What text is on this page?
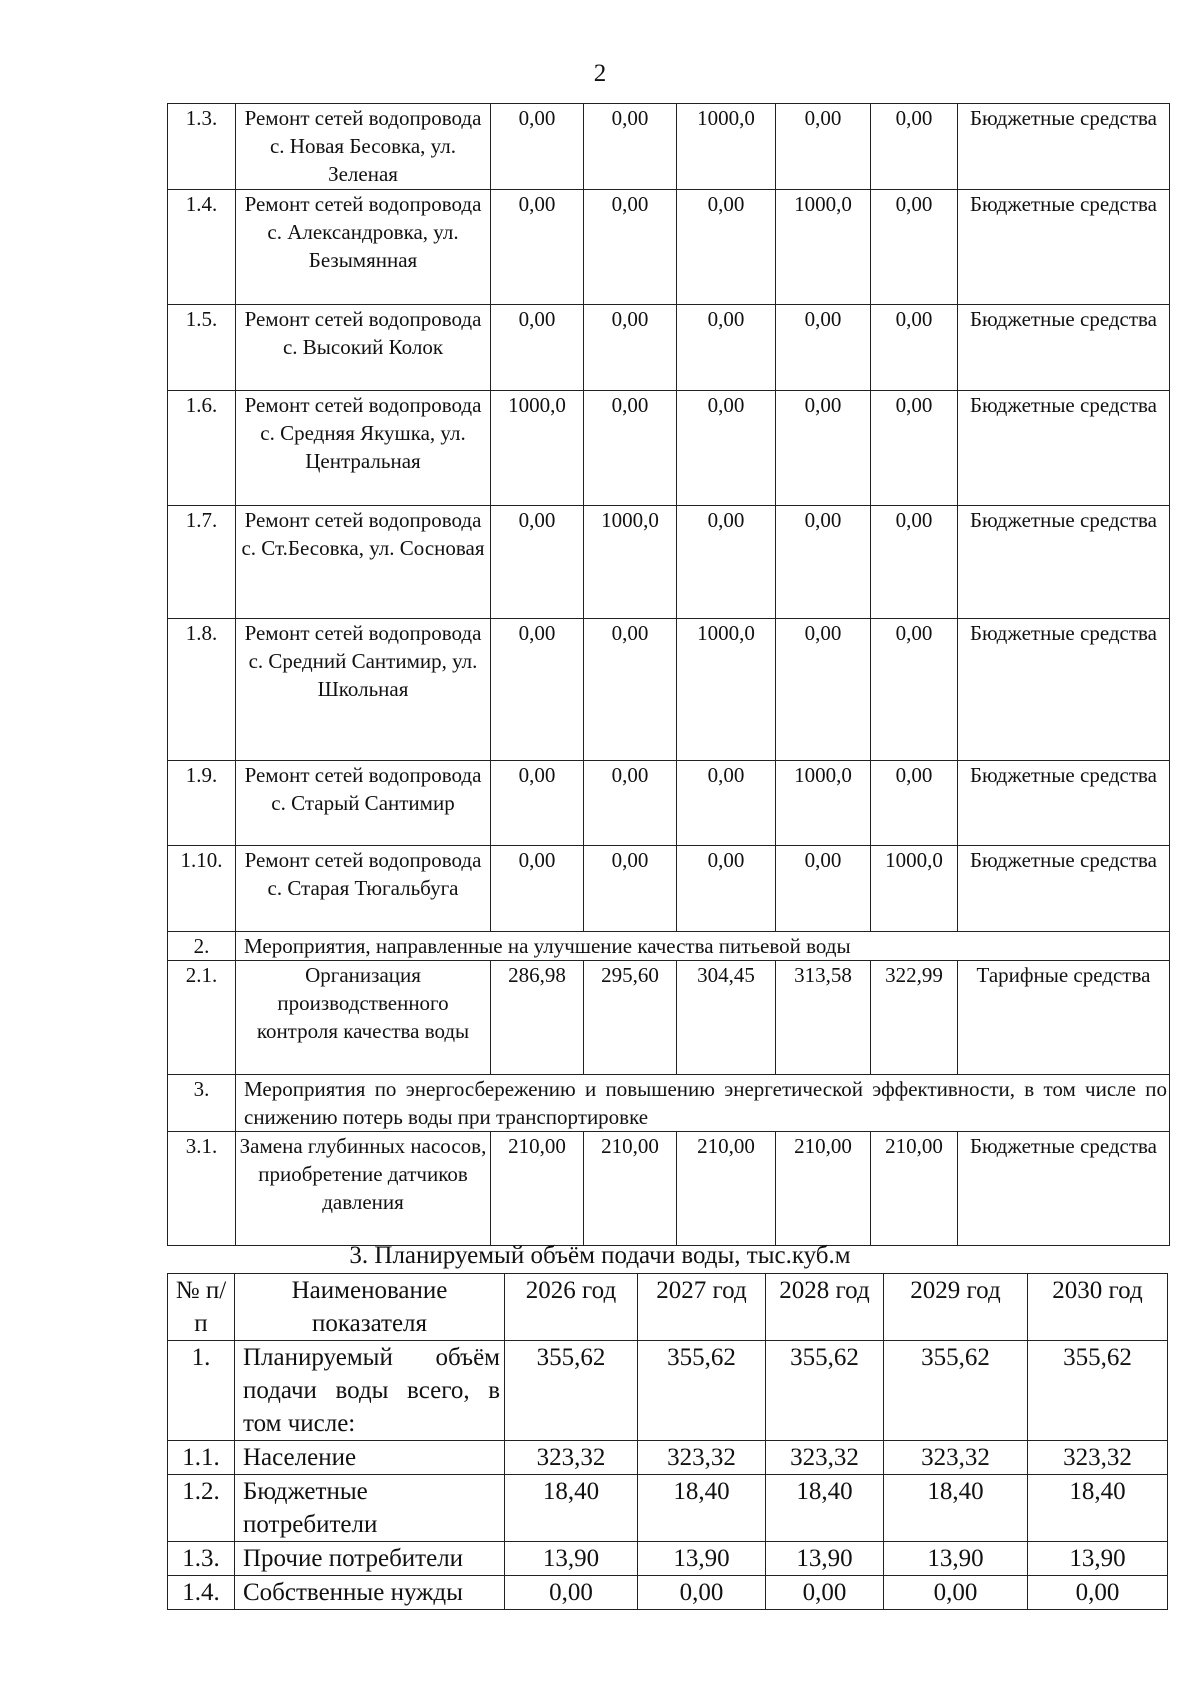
2
1.3.	Ремонт сетей водопровода с. Новая Бесовка, ул. Зеленая	0,00	0,00	1000,0	0,00	0,00	Бюджетные средства
1.4.	Ремонт сетей водопровода с. Александровка, ул. Безымянная	0,00	0,00	0,00	1000,0	0,00	Бюджетные средства
1.5.	Ремонт сетей водопровода с. Высокий Колок	0,00	0,00	0,00	0,00	0,00	Бюджетные средства
1.6.	Ремонт сетей водопровода с. Средняя Якушка, ул. Центральная	1000,0	0,00	0,00	0,00	0,00	Бюджетные средства
1.7.	Ремонт сетей водопровода с. Ст.Бесовка, ул. Сосновая	0,00	1000,0	0,00	0,00	0,00	Бюджетные средства
1.8.	Ремонт сетей водопровода с. Средний Сантимир, ул. Школьная	0,00	0,00	1000,0	0,00	0,00	Бюджетные средства
1.9.	Ремонт сетей водопровода с. Старый Сантимир	0,00	0,00	0,00	1000,0	0,00	Бюджетные средства
1.10.	Ремонт сетей водопровода с. Старая Тюгальбуга	0,00	0,00	0,00	0,00	1000,0	Бюджетные средства
2.	Мероприятия, направленные на улучшение качества питьевой воды						
2.1.	Организация производственного контроля качества воды	286,98	295,60	304,45	313,58	322,99	Тарифные средства
3.	Мероприятия по энергосбережению и повышению энергетической эффективности, в том числе по снижению потерь воды при транспортировке						
3.1.	Замена глубинных насосов, приобретение датчиков давления	210,00	210,00	210,00	210,00	210,00	Бюджетные средства
3. Планируемый объём подачи воды, тыс.куб.м
№ п/п	Наименование показателя	2026 год	2027 год	2028 год	2029 год	2030 год
1.	Планируемый объём подачи воды всего, в том числе:	355,62	355,62	355,62	355,62	355,62
1.1.	Население	323,32	323,32	323,32	323,32	323,32
1.2.	Бюджетные потребители	18,40	18,40	18,40	18,40	18,40
1.3.	Прочие потребители	13,90	13,90	13,90	13,90	13,90
1.4.	Собственные нужды	0,00	0,00	0,00	0,00	0,00
